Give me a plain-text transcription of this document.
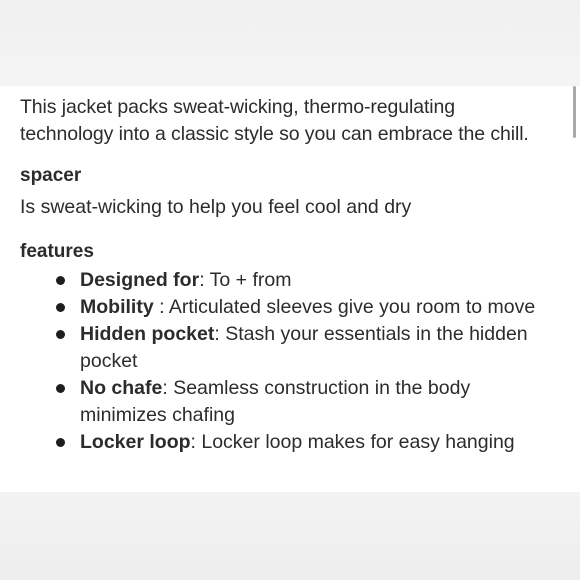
This jacket packs sweat-wicking, thermo-regulating technology into a classic style so you can embrace the chill.

spacer

Is sweat-wicking to help you feel cool and dry

features
Designed for: To + from
Mobility : Articulated sleeves give you room to move
Hidden pocket: Stash your essentials in the hidden pocket
No chafe: Seamless construction in the body minimizes chafing
Locker loop: Locker loop makes for easy hanging
